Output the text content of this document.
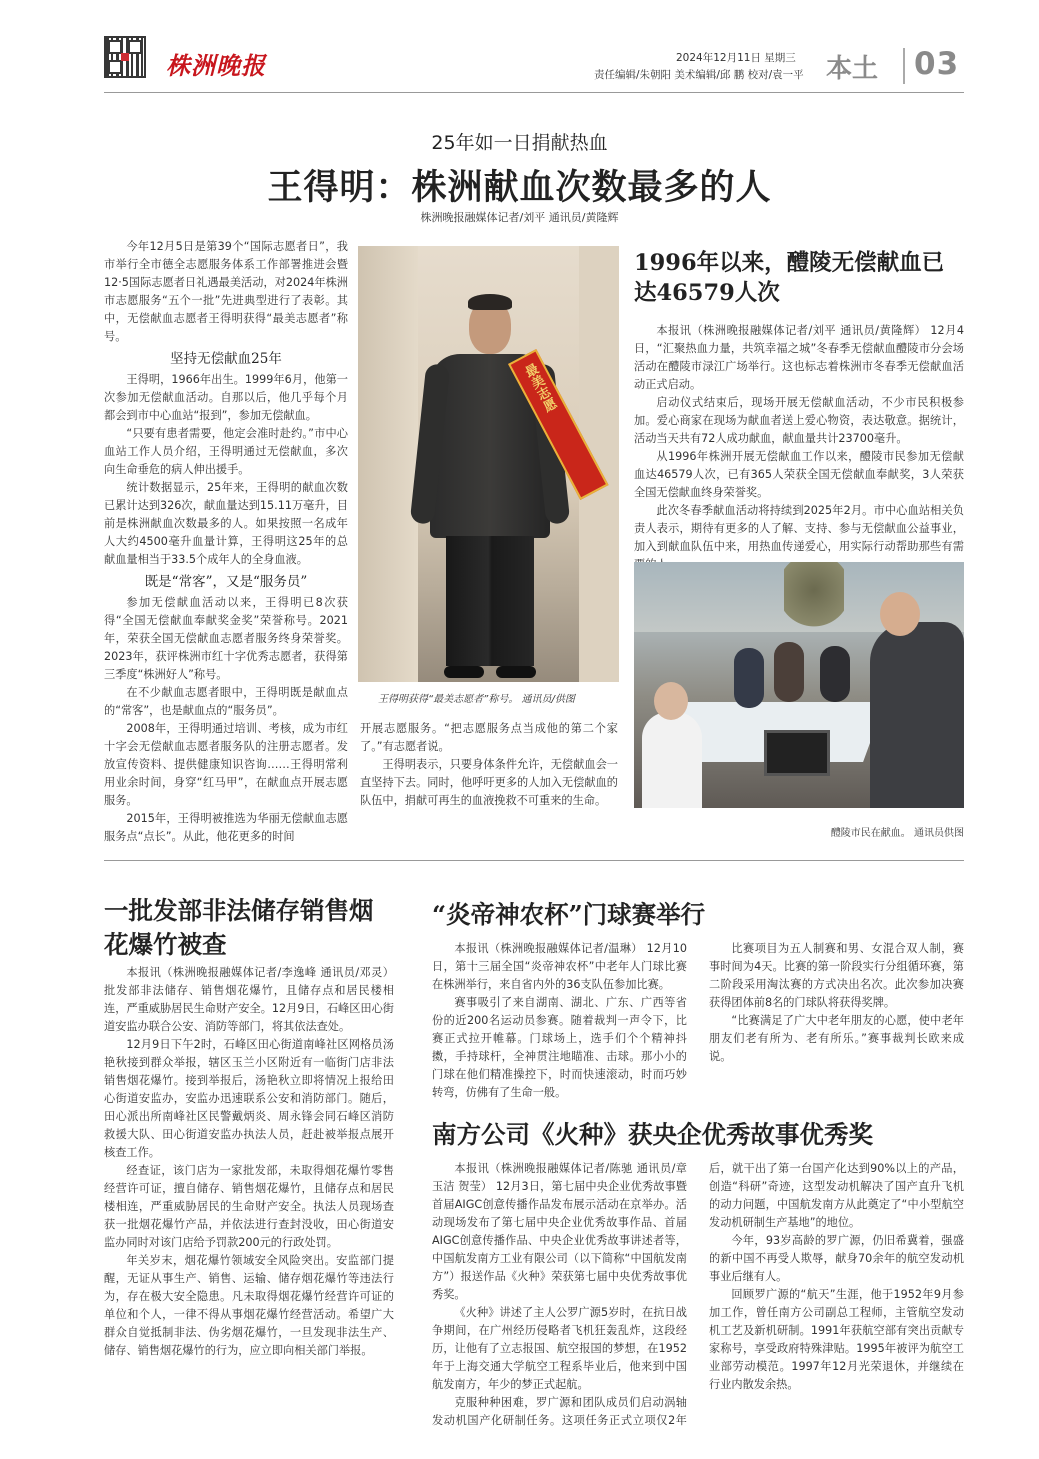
株洲晚报	2024年12月11日 星期三
责任编辑/朱朝阳 美术编辑/邱 鹏 校对/袁一平 本土 03
25年如一日捐献热血
王得明：株洲献血次数最多的人
株洲晚报融媒体记者/刘平 通讯员/黄隆辉

今年12月5日是第39个“国际志愿者日”，我市举行全市德全志愿服务体系工作部署推进会暨12·5国际志愿者日礼遇最美活动，对2024年株洲市志愿服务“五个一批”先进典型进行了表彰。其中，无偿献血志愿者王得明获得“最美志愿者”称号。

坚持无偿献血25年

王得明，1966年出生。1999年6月，他第一次参加无偿献血活动。自那以后，他几乎每个月都会到市中心血站“报到”，参加无偿献血。

“只要有患者需要，他定会准时赴约。”市中心血站工作人员介绍，王得明通过无偿献血，多次向生命垂危的病人伸出援手。

统计数据显示，25年来，王得明的献血次数已累计达到326次，献血量达到15.11万毫升，目前是株洲献血次数最多的人。如果按照一名成年人大约4500毫升血量计算，王得明这25年的总献血量相当于33.5个成年人的全身血液。

既是“常客”，又是“服务员”

参加无偿献血活动以来，王得明已8次获得“全国无偿献血奉献奖金奖”荣誉称号。2021年，荣获全国无偿献血志愿者服务终身荣誉奖。2023年，获评株洲市红十字优秀志愿者，获得第三季度“株洲好人”称号。

在不少献血志愿者眼中，王得明既是献血点的“常客”，也是献血点的“服务员”。

2008年，王得明通过培训、考核，成为市红十字会无偿献血志愿者服务队的注册志愿者。发放宣传资料、提供健康知识咨询……王得明常利用业余时间，身穿“红马甲”，在献血点开展志愿服务。

2015年，王得明被推选为华丽无偿献血志愿服务点“点长”。从此，他花更多的时间

最美志愿
王得明获得“最美志愿者”称号。 通讯员/供图

开展志愿服务。“把志愿服务点当成他的第二个家了。”有志愿者说。

王得明表示，只要身体条件允许，无偿献血会一直坚持下去。同时，他呼吁更多的人加入无偿献血的队伍中，捐献可再生的血液挽救不可重来的生命。

1996年以来，醴陵无偿献血已达46579人次

本报讯（株洲晚报融媒体记者/刘平 通讯员/黄隆辉） 12月4日，“汇聚热血力量，共筑幸福之城”冬春季无偿献血醴陵市分会场活动在醴陵市渌江广场举行。这也标志着株洲市冬春季无偿献血活动正式启动。

启动仪式结束后，现场开展无偿献血活动，不少市民积极参加。爱心商家在现场为献血者送上爱心物资，表达敬意。据统计，活动当天共有72人成功献血，献血量共计23700毫升。

从1996年株洲开展无偿献血工作以来，醴陵市民参加无偿献血达46579人次，已有365人荣获全国无偿献血奉献奖，3人荣获全国无偿献血终身荣誉奖。

此次冬春季献血活动将持续到2025年2月。市中心血站相关负责人表示，期待有更多的人了解、支持、参与无偿献血公益事业，加入到献血队伍中来，用热血传递爱心，用实际行动帮助那些有需

醴陵市民在献血。 通讯员供图
一批发部非法储存销售烟花爆竹被查

本报讯（株洲晚报融媒体记者/李逸峰 通讯员/邓灵）批发部非法储存、销售烟花爆竹，且储存点和居民楼相连，严重威胁居民生命财产安全。12月9日，石峰区田心街道安监办联合公安、消防等部门，将其依法查处。

12月9日下午2时，石峰区田心街道南峰社区网格员汤艳秋接到群众举报，辖区玉兰小区附近有一临街门店非法销售烟花爆竹。接到举报后，汤艳秋立即将情况上报给田心街道安监办，安监办迅速联系公安和消防部门。随后，田心派出所南峰社区民警戴炳炎、周永锋会同石峰区消防救援大队、田心街道安监办执法人员，赶赴被举报点展开核查工作。

经查证，该门店为一家批发部，未取得烟花爆竹零售经营许可证，擅自储存、销售烟花爆竹，且储存点和居民楼相连，严重威胁居民的生命财产安全。执法人员现场查获一批烟花爆竹产品，并依法进行查封没收，田心街道安监办同时对该门店给予罚款200元的行政处罚。

年关岁末，烟花爆竹领域安全风险突出。安监部门提醒，无证从事生产、销售、运输、储存烟花爆竹等违法行为，存在极大安全隐患。凡未取得烟花爆竹经营许可证的单位和个人，一律不得从事烟花爆竹经营活动。希望广大群众自觉抵制非法、伪劣烟花爆竹，一旦发现非法生产、储存、销售烟花爆竹的行为，应立即向相关部门举报。

“炎帝神农杯”门球赛举行

本报讯（株洲晚报融媒体记者/温琳） 12月10日，第十三届全国“炎帝神农杯”中老年人门球比赛在株洲举行，来自省内外的36支队伍参加比赛。

赛事吸引了来自湖南、湖北、广东、广西等省份的近200名运动员参赛。随着裁判一声令下，比赛正式拉开帷幕。门球场上，选手们个个精神抖擞，手持球杆，全神贯注地瞄准、击球。那小小的门球在他们精准操控下，时而快速滚动，时而巧妙转弯，仿佛有了生命一般。

比赛项目为五人制赛和男、女混合双人制，赛事时间为4天。比赛的第一阶段实行分组循环赛，第二阶段采用淘汰赛的方式决出名次。此次参加决赛获得团体前8名的门球队将获得奖牌。

“比赛满足了广大中老年朋友的心愿，使中老年朋友们老有所为、老有所乐。”赛事裁判长欧来成说。

南方公司《火种》获央企优秀故事优秀奖

本报讯（株洲晚报融媒体记者/陈驰 通讯员/章玉洁 贺莹） 12月3日，第七届中央企业优秀故事暨首届AIGC创意传播作品发布展示活动在京举办。活动现场发布了第七届中央企业优秀故事作品、首届AIGC创意传播作品、中央企业优秀故事讲述者等，中国航发南方工业有限公司（以下简称“中国航发南方”）报送作品《火种》荣获第七届中央优秀故事优秀奖。

《火种》讲述了主人公罗广源5岁时，在抗日战争期间，在广州经历侵略者飞机狂轰乱炸，这段经历，让他有了立志报国、航空报国的梦想，在1952年于上海交通大学航空工程系毕业后，他来到中国航发南方，年少的梦正式起航。

克服种种困难，罗广源和团队成员们启动涡轴发动机国产化研制任务。这项任务正式立项仅2年后，就干出了第一台国产化达到90%以上的产品，创造“科研”奇迹，这型发动机解决了国产直升飞机的动力问题，中国航发南方从此奠定了“中小型航空发动机研制生产基地”的地位。

今年，93岁高龄的罗广源，仍旧希冀着，强盛的新中国不再受人欺辱，献身70余年的航空发动机事业后继有人。

回顾罗广源的“航天”生涯，他于1952年9月参加工作，曾任南方公司副总工程师，主管航空发动机工艺及新机研制。1991年获航空部有突出贡献专家称号，享受政府特殊津贴。1995年被评为航空工业部劳动模范。1997年12月光荣退休，并继续在行业内散发余热。
